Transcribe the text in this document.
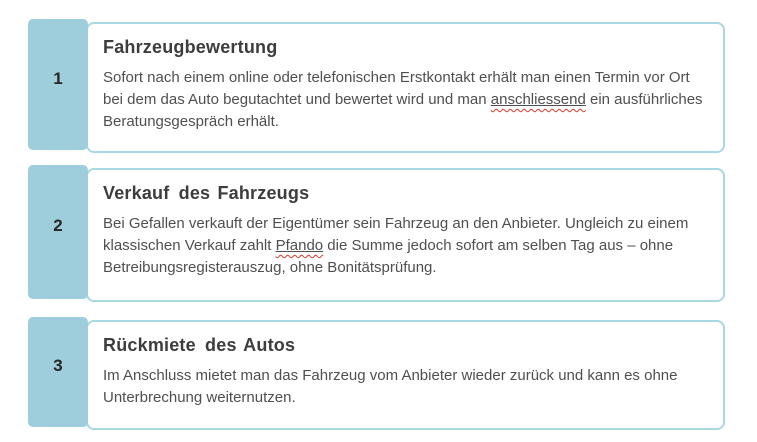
1
Fahrzeugbewertung

Sofort nach einem online oder telefonischen Erstkontakt erhält man einen Termin vor Ort bei dem das Auto begutachtet und bewertet wird und man anschliessend ein ausführliches Beratungsgespräch erhält.

2
Verkauf des Fahrzeugs

Bei Gefallen verkauft der Eigentümer sein Fahrzeug an den Anbieter. Ungleich zu einem klassischen Verkauf zahlt Pfando die Summe jedoch sofort am selben Tag aus – ohne Betreibungsregisterauszug, ohne Bonitätsprüfung.

3
Rückmiete des Autos

Im Anschluss mietet man das Fahrzeug vom Anbieter wieder zurück und kann es ohne Unterbrechung weiternutzen.
